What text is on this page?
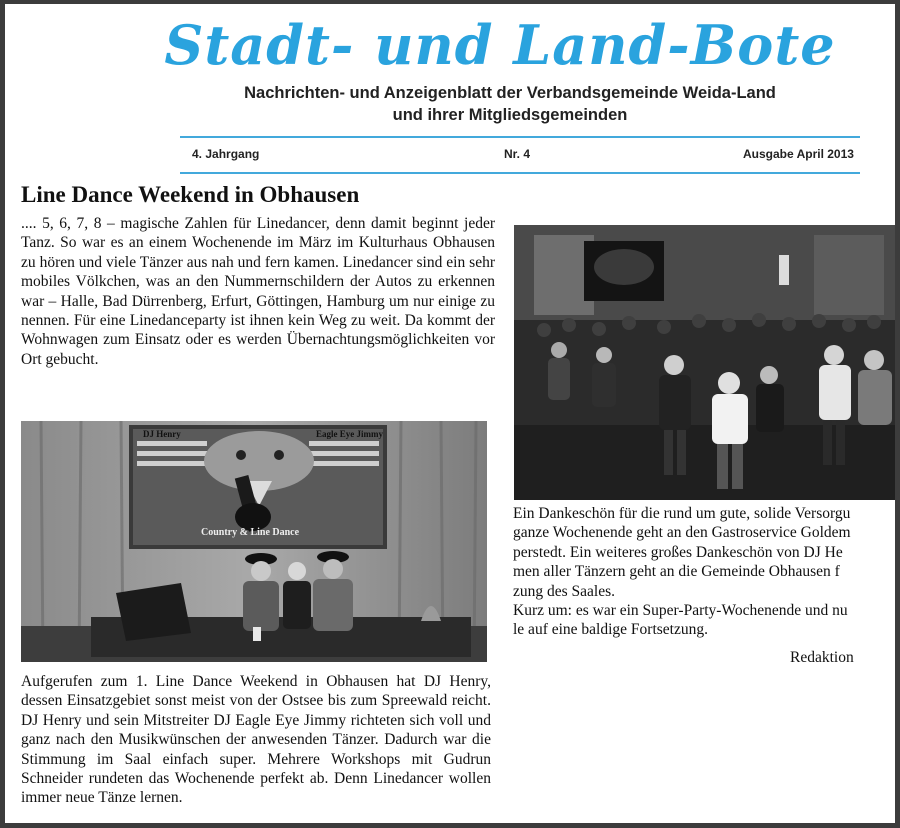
Stadt- und Land-Bote
Nachrichten- und Anzeigenblatt der Verbandsgemeinde Weida-Land
und ihrer Mitgliedsgemeinden
4. Jahrgang	Nr. 4	Ausgabe April 2013
Line Dance Weekend in Obhausen

.... 5, 6, 7, 8 – magische Zahlen für Linedancer, denn damit beginnt jeder Tanz. So war es an einem Wochenende im März im Kulturhaus Obhausen zu hören und viele Tänzer aus nah und fern kamen. Linedancer sind ein sehr mobiles Völkchen, was an den Nummernschildern der Autos zu erkennen war – Halle, Bad Dürrenberg, Erfurt, Göttingen, Hamburg um nur einige zu nennen. Für eine Linedanceparty ist ihnen kein Weg zu weit. Da kommt der Wohnwagen zum Einsatz oder es werden Übernachtungsmöglichkeiten vor Ort gebucht.

DJ Henry	Eagle Eye Jimmy
Country & Line Dance

Aufgerufen zum 1. Line Dance Weekend in Obhausen hat DJ Henry, dessen Einsatzgebiet sonst meist von der Ostsee bis zum Spreewald reicht. DJ Henry und sein Mitstreiter DJ Eagle Eye Jimmy richteten sich voll und ganz nach den Musikwünschen der anwesenden Tänzer. Dadurch war die Stimmung im Saal einfach super. Mehrere Workshops mit Gudrun Schneider rundeten das Wochenende perfekt ab. Denn Linedancer wollen immer neue Tänze lernen.

Ein Dankeschön für die rund um gute, solide Versorgu
ganze Wochenende geht an den Gastroservice Goldem
perstedt. Ein weiteres großes Dankeschön von DJ He
men aller Tänzern geht an die Gemeinde Obhausen f
zung des Saales.
Kurz um: es war ein Super-Party-Wochenende und nu
le auf eine baldige Fortsetzung.
Redaktion
